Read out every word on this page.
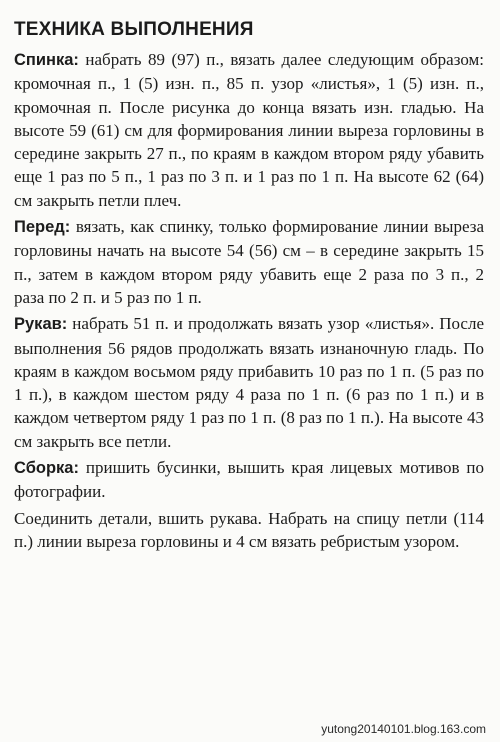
ТЕХНИКА ВЫПОЛНЕНИЯ

Спинка: набрать 89 (97) п., вязать далее следующим образом: кромочная п., 1 (5) изн. п., 85 п. узор «листья», 1 (5) изн. п., кромочная п. После рисунка до конца вязать изн. гладью. На высоте 59 (61) см для формирования линии выреза горловины в середине закрыть 27 п., по краям в каждом втором ряду убавить еще 1 раз по 5 п., 1 раз по 3 п. и 1 раз по 1 п. На высоте 62 (64) см закрыть петли плеч.

Перед: вязать, как спинку, только формирование линии выреза горловины начать на высоте 54 (56) см – в середине закрыть 15 п., затем в каждом втором ряду убавить еще 2 раза по 3 п., 2 раза по 2 п. и 5 раз по 1 п.

Рукав: набрать 51 п. и продолжать вязать узор «листья». После выполнения 56 рядов продолжать вязать изнаночную гладь. По краям в каждом восьмом ряду прибавить 10 раз по 1 п. (5 раз по 1 п.), в каждом шестом ряду 4 раза по 1 п. (6 раз по 1 п.) и в каждом четвертом ряду 1 раз по 1 п. (8 раз по 1 п.). На высоте 43 см закрыть все петли.

Сборка: пришить бусинки, вышить края лицевых мотивов по фотографии.

Соединить детали, вшить рукава. Набрать на спицу петли (114 п.) линии выреза горловины и 4 см вязать ребристым узором.

yutong20140101.blog.163.com
